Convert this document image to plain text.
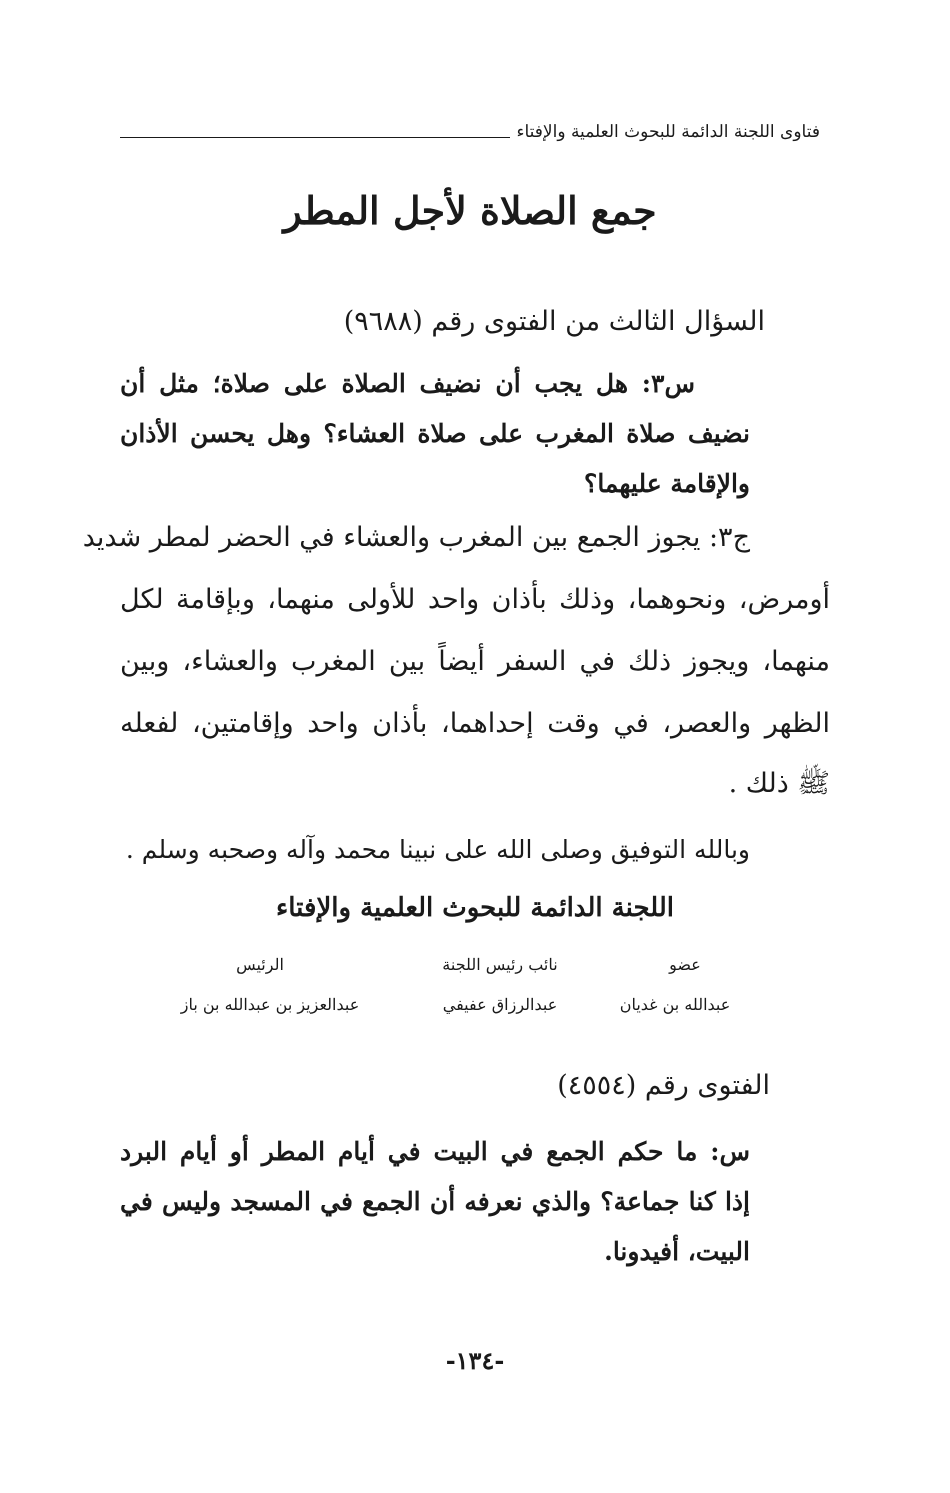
فتاوى اللجنة الدائمة للبحوث العلمية والإفتاء
جمع الصلاة لأجل المطر
السؤال الثالث من الفتوى رقم (٩٦٨٨)
س٣: هل يجب أن نضيف الصلاة على صلاة؛ مثل أن
نضيف صلاة المغرب على صلاة العشاء؟ وهل يحسن الأذان
والإقامة عليهما؟
ج٣: يجوز الجمع بين المغرب والعشاء في الحضر لمطر شديد
أومرض، ونحوهما، وذلك بأذان واحد للأولى منهما، وبإقامة لكل
منهما، ويجوز ذلك في السفر أيضاً بين المغرب والعشاء، وبين
الظهر والعصر، في وقت إحداهما، بأذان واحد وإقامتين، لفعله
ﷺ ذلك .
وبالله التوفيق وصلى الله على نبينا محمد وآله وصحبه وسلم .
اللجنة الدائمة للبحوث العلمية والإفتاء
عضو
نائب رئيس اللجنة
الرئيس
عبدالله بن غديان
عبدالرزاق عفيفي
عبدالعزيز بن عبدالله بن باز
الفتوى رقم (٤٥٥٤)
س: ما حكم الجمع في البيت في أيام المطر أو أيام البرد
إذا كنا جماعة؟ والذي نعرفه أن الجمع في المسجد وليس في
البيت، أفيدونا.
-١٣٤-
